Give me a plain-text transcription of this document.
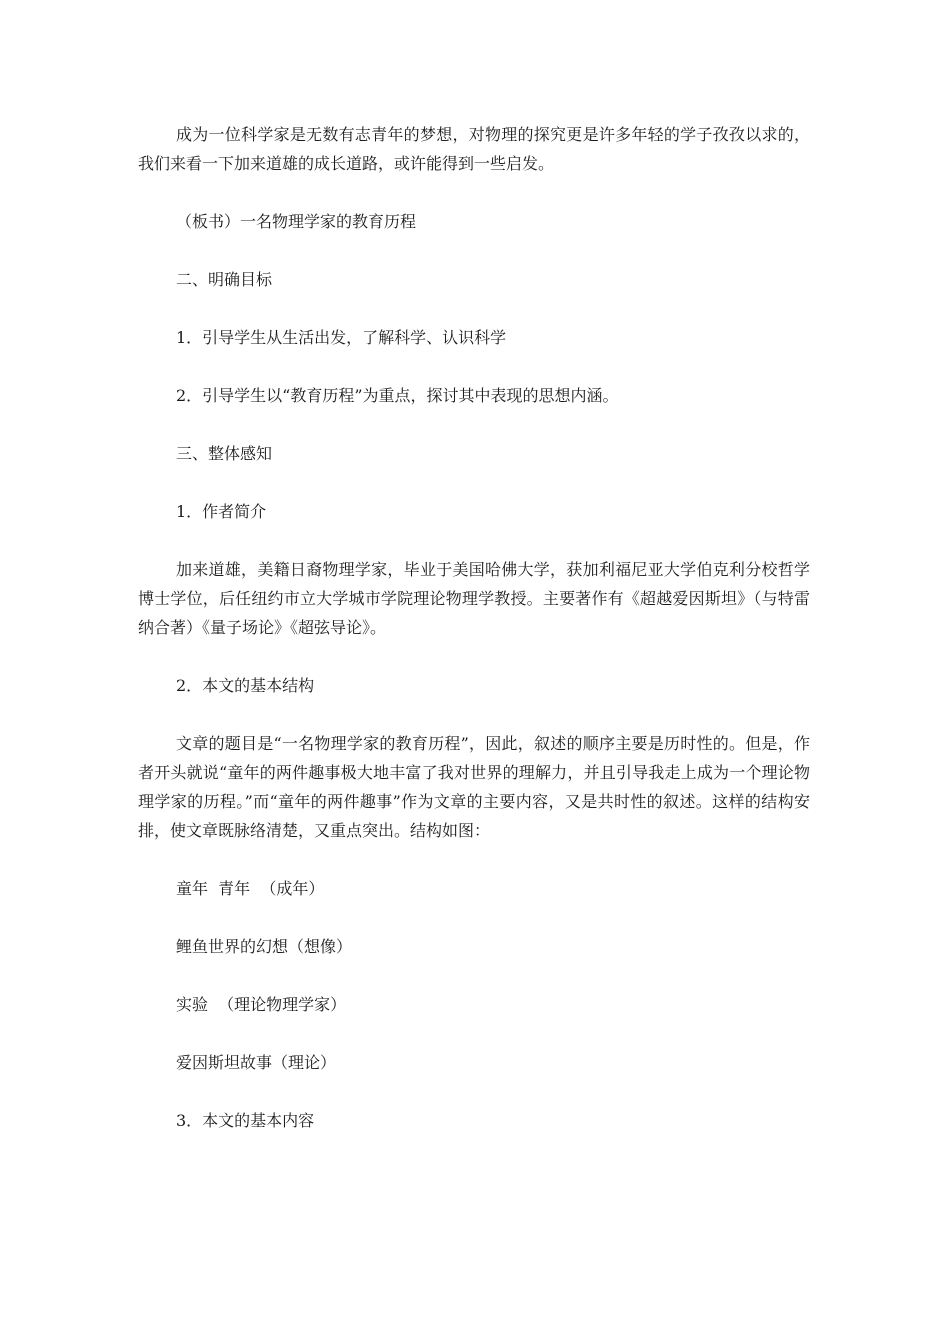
成为一位科学家是无数有志青年的梦想，对物理的探究更是许多年轻的学子孜孜以求的，我们来看一下加来道雄的成长道路，或许能得到一些启发。

（板书）一名物理学家的教育历程

二、明确目标

1．引导学生从生活出发，了解科学、认识科学

2．引导学生以“教育历程”为重点，探讨其中表现的思想内涵。

三、整体感知

1．作者简介

加来道雄，美籍日裔物理学家，毕业于美国哈佛大学，获加利福尼亚大学伯克利分校哲学博士学位，后任纽约市立大学城市学院理论物理学教授。主要著作有《超越爱因斯坦》（与特雷纳合著）《量子场论》《超弦导论》。

2．本文的基本结构

文章的题目是“一名物理学家的教育历程”，因此，叙述的顺序主要是历时性的。但是，作者开头就说“童年的两件趣事极大地丰富了我对世界的理解力，并且引导我走上成为一个理论物理学家的历程。”而“童年的两件趣事”作为文章的主要内容，又是共时性的叙述。这样的结构安排，使文章既脉络清楚，又重点突出。结构如图：

童年  青年  （成年）

鲤鱼世界的幻想（想像）

实验  （理论物理学家）

爱因斯坦故事（理论）

3．本文的基本内容
